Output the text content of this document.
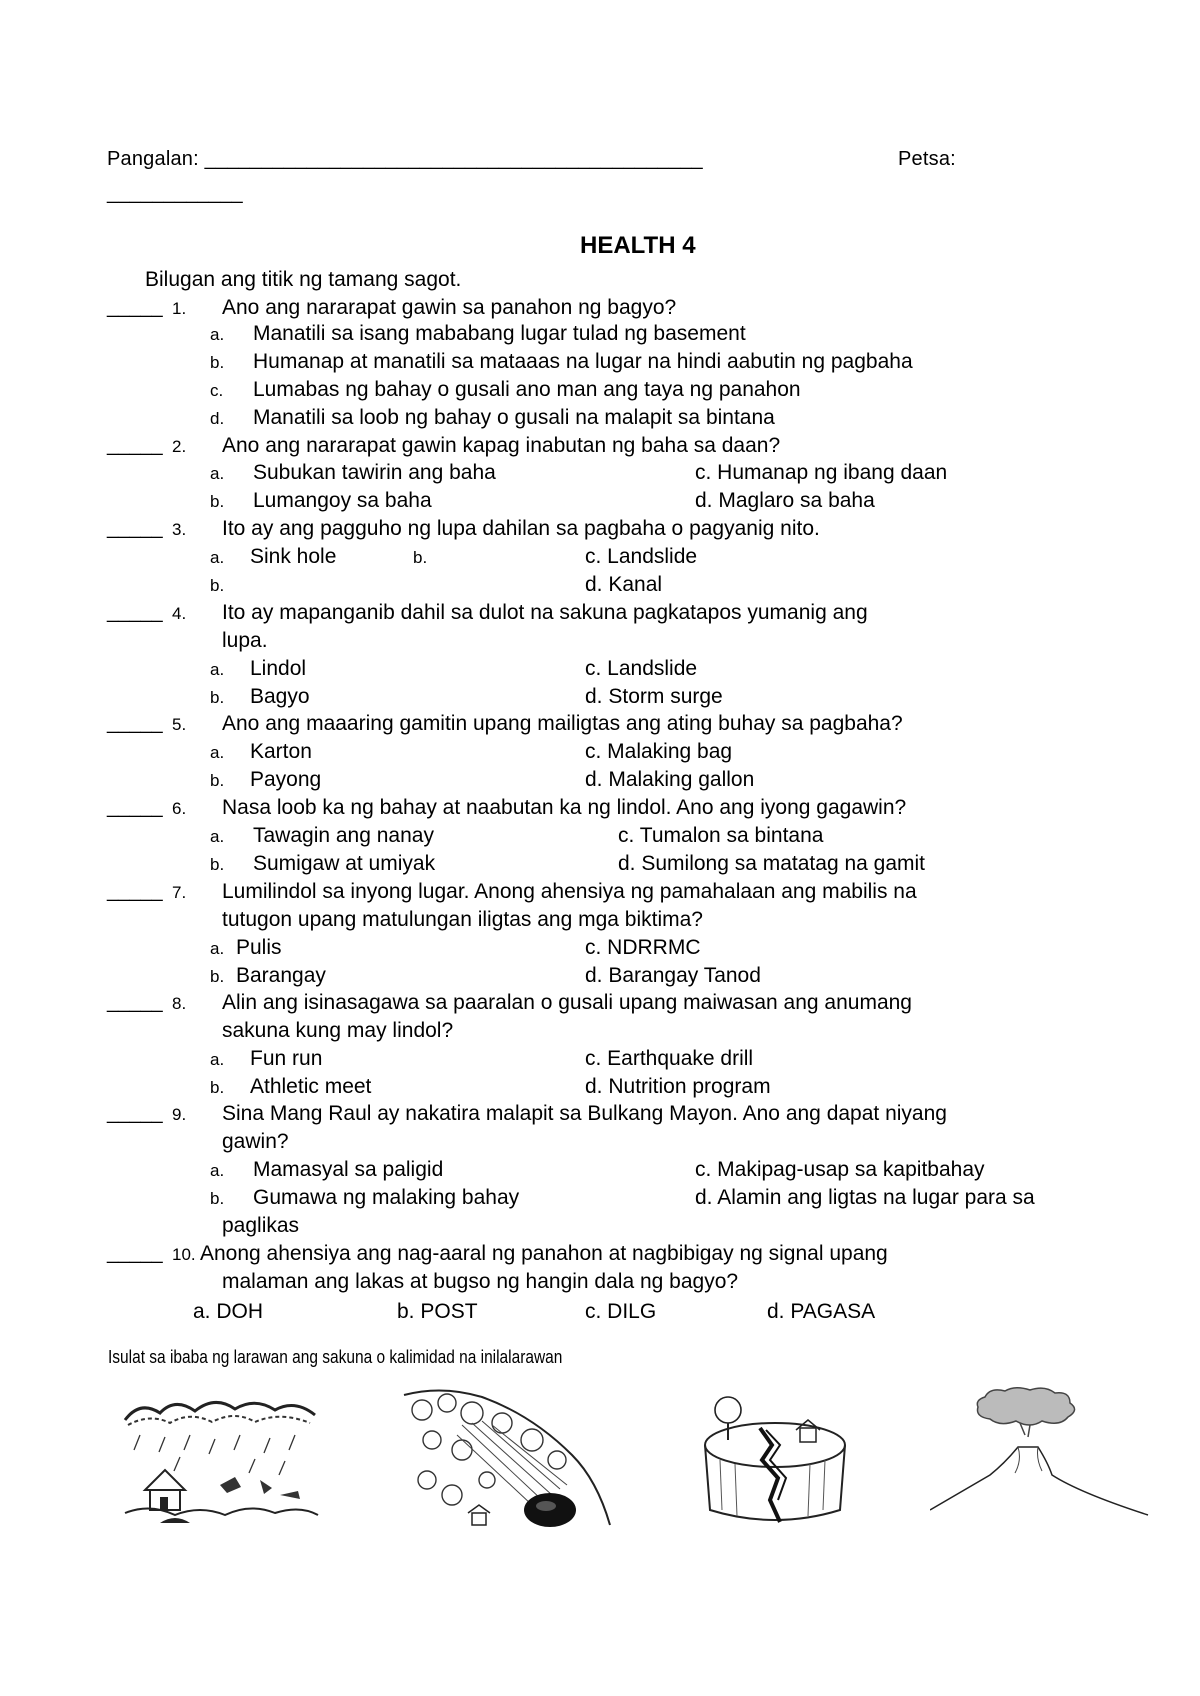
Pangalan: ____________________________________________	Petsa:
____________
HEALTH 4
Bilugan ang titik ng tamang sagot.
_____ 1. Ano ang nararapat gawin sa panahon ng bagyo?
a. Manatili sa isang mababang lugar tulad ng basement
b. Humanap at manatili sa mataaas na lugar na hindi aabutin ng pagbaha
c. Lumabas ng bahay o gusali ano man ang taya ng panahon
d. Manatili sa loob ng bahay o gusali na malapit sa bintana
_____ 2. Ano ang nararapat gawin kapag inabutan ng baha sa daan?
a. Subukan tawirin ang baha	c. Humanap ng ibang daan
b. Lumangoy sa baha	d. Maglaro sa baha
_____ 3. Ito ay ang pagguho ng lupa dahilan sa pagbaha o pagyanig nito.
a. Sink hole	b.	c. Landslide
b.	d. Kanal
_____ 4. Ito ay mapanganib dahil sa dulot na sakuna pagkatapos yumanig ang
lupa.
a. Lindol	c. Landslide
b. Bagyo	d. Storm surge
_____ 5. Ano ang maaaring gamitin upang mailigtas ang ating buhay sa pagbaha?
a. Karton	c. Malaking bag
b. Payong	d. Malaking gallon
_____ 6. Nasa loob ka ng bahay at naabutan ka ng lindol. Ano ang iyong gagawin?
a. Tawagin ang nanay	c. Tumalon sa bintana
b. Sumigaw at umiyak	d. Sumilong sa matatag na gamit
_____ 7. Lumilindol sa inyong lugar. Anong ahensiya ng pamahalaan ang mabilis na
tutugon upang matulungan iligtas ang mga biktima?
a. Pulis	c. NDRRMC
b. Barangay	d. Barangay Tanod
_____ 8. Alin ang isinasagawa sa paaralan o gusali upang maiwasan ang anumang
sakuna kung may lindol?
a. Fun run	c. Earthquake drill
b. Athletic meet	d. Nutrition program
_____ 9. Sina Mang Raul ay nakatira malapit sa Bulkang Mayon. Ano ang dapat niyang
gawin?
a. Mamasyal sa paligid	c. Makipag-usap sa kapitbahay
b. Gumawa ng malaking bahay	d. Alamin ang ligtas na lugar para sa
paglikas
_____ 10. Anong ahensiya ang nag-aaral ng panahon at nagbibigay ng signal upang
malaman ang lakas at bugso ng hangin dala ng bagyo?
a. DOH	b. POST	c. DILG	d. PAGASA
Isulat sa ibaba ng larawan ang sakuna o kalimidad na inilalarawan
